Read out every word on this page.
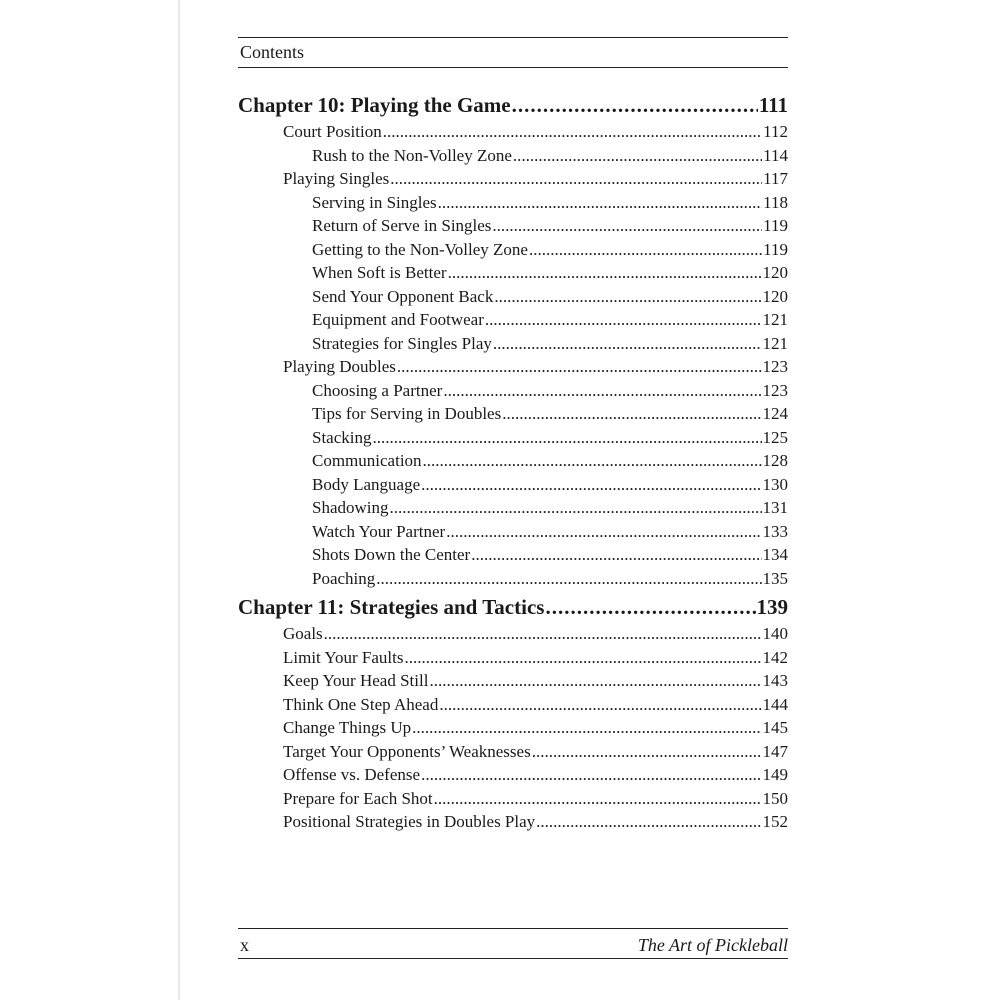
Contents
Chapter 10: Playing the Game .....	111
Court Position .....	112
Rush to the Non-Volley Zone .....	114
Playing Singles .....	117
Serving in Singles .....	118
Return of Serve in Singles .....	119
Getting to the Non-Volley Zone .....	119
When Soft is Better .....	120
Send Your Opponent Back .....	120
Equipment and Footwear .....	121
Strategies for Singles Play .....	121
Playing Doubles .....	123
Choosing a Partner .....	123
Tips for Serving in Doubles .....	124
Stacking .....	125
Communication .....	128
Body Language .....	130
Shadowing .....	131
Watch Your Partner .....	133
Shots Down the Center .....	134
Poaching .....	135
Chapter 11: Strategies and Tactics .....	139
Goals .....	140
Limit Your Faults .....	142
Keep Your Head Still .....	143
Think One Step Ahead .....	144
Change Things Up .....	145
Target Your Opponents’ Weaknesses .....	147
Offense vs. Defense .....	149
Prepare for Each Shot .....	150
Positional Strategies in Doubles Play .....	152
x	The Art of Pickleball
